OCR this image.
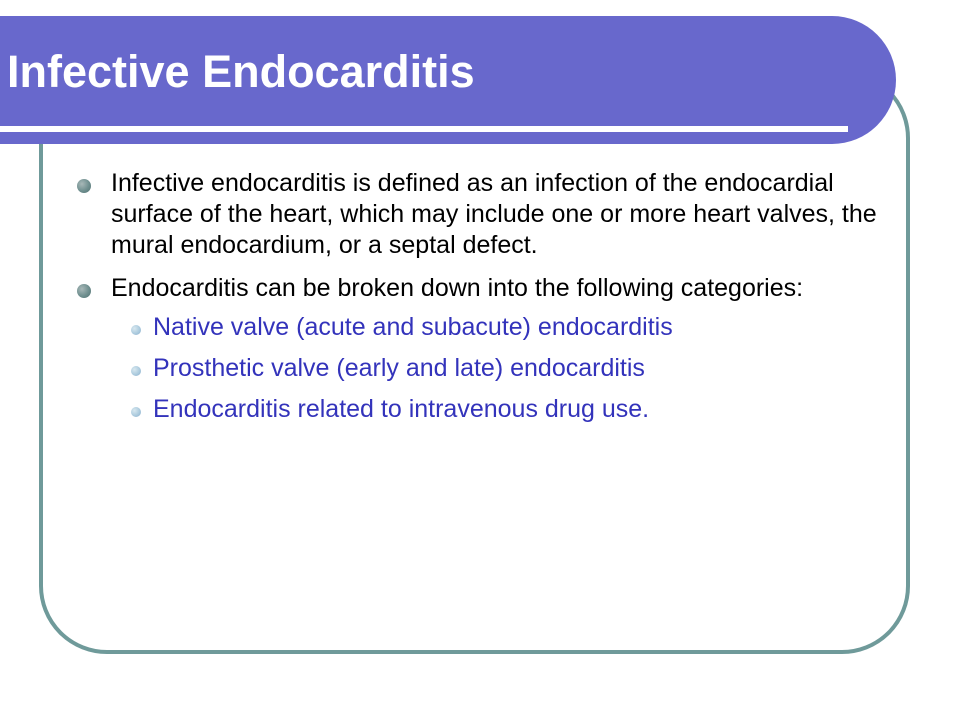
Infective Endocarditis
Infective endocarditis is defined as an infection of the endocardial surface of the heart, which may include one or more heart valves, the mural endocardium, or a septal defect.
Endocarditis can be broken down into the following categories:
Native valve (acute and subacute) endocarditis
Prosthetic valve (early and late) endocarditis
Endocarditis related to intravenous drug use.
